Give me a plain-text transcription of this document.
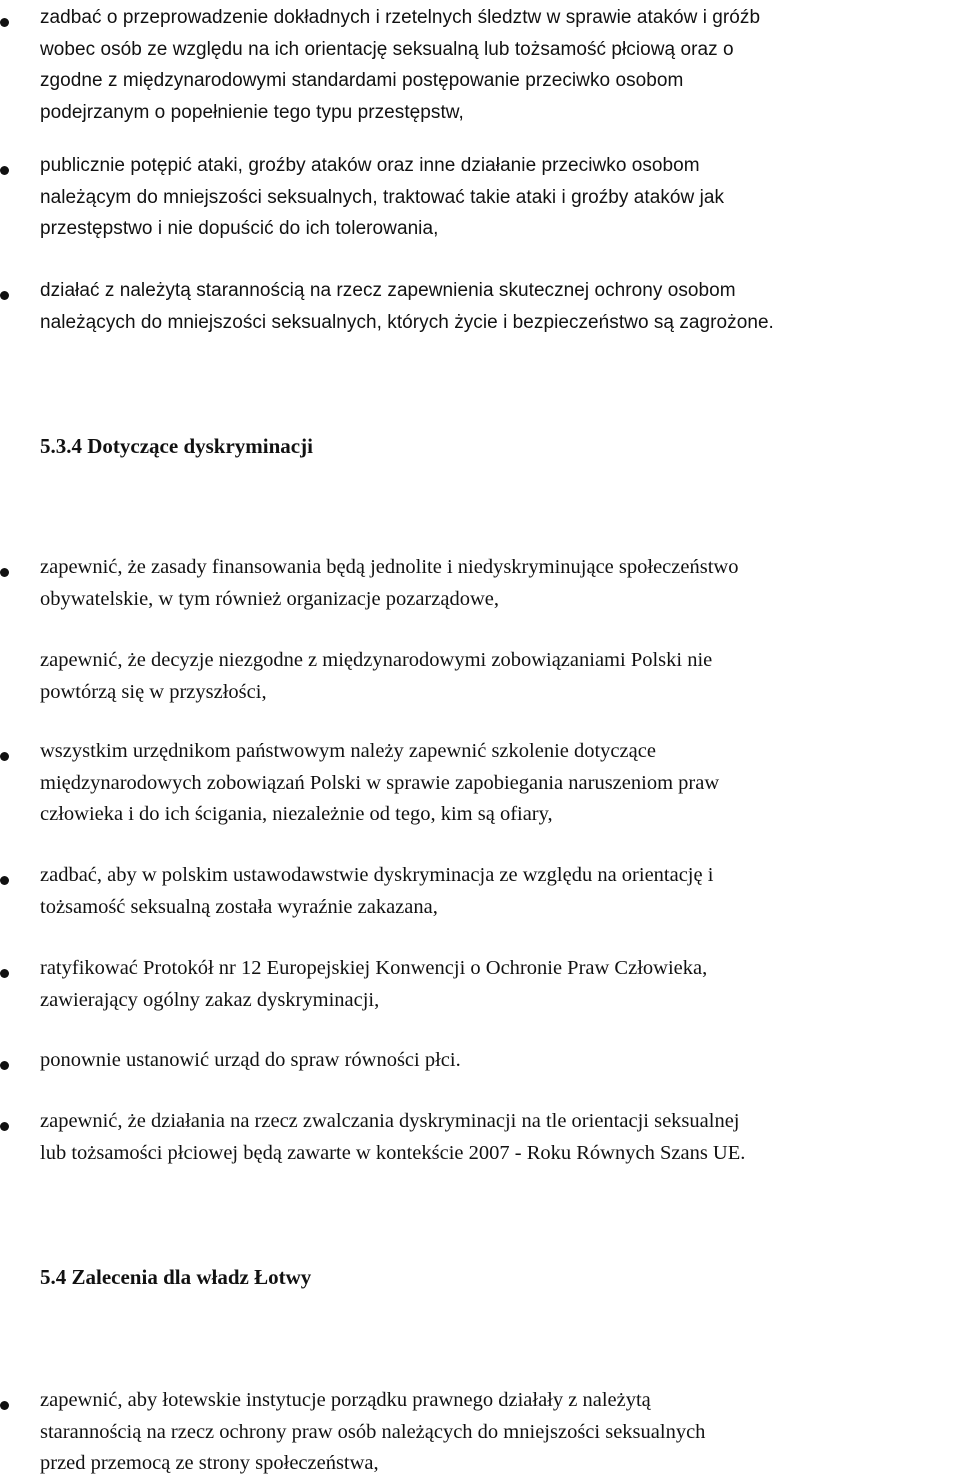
zadbać o przeprowadzenie dokładnych i rzetelnych śledztw w sprawie ataków i gróźb
wobec osób ze względu na ich orientację seksualną lub tożsamość płciową oraz o
zgodne z międzynarodowymi standardami postępowanie przeciwko osobom
podejrzanym o popełnienie tego typu przestępstw,
publicznie potępić ataki, groźby ataków oraz inne działanie przeciwko osobom
należącym do mniejszości seksualnych, traktować takie ataki i groźby ataków jak
przestępstwo i nie dopuścić do ich tolerowania,
działać z należytą starannością na rzecz zapewnienia skutecznej ochrony osobom
należących do mniejszości seksualnych, których życie i bezpieczeństwo są zagrożone.
5.3.4 Dotyczące dyskryminacji
zapewnić, że zasady finansowania będą jednolite i niedyskryminujące społeczeństwo
obywatelskie, w tym również organizacje pozarządowe,
zapewnić, że decyzje niezgodne z międzynarodowymi zobowiązaniami Polski nie
powtórzą się w przyszłości,
wszystkim urzędnikom państwowym należy zapewnić szkolenie dotyczące
międzynarodowych zobowiązań Polski w sprawie zapobiegania naruszeniom praw
człowieka i do ich ścigania, niezależnie od tego, kim są ofiary,
zadbać, aby w polskim ustawodawstwie dyskryminacja ze względu na orientację i
tożsamość seksualną została wyraźnie zakazana,
ratyfikować Protokół nr 12 Europejskiej Konwencji o Ochronie Praw Człowieka,
zawierający ogólny zakaz dyskryminacji,
ponownie ustanowić urząd do spraw równości płci.
zapewnić, że działania na rzecz zwalczania dyskryminacji na tle orientacji seksualnej
lub tożsamości płciowej będą zawarte w kontekście 2007 - Roku Równych Szans UE.
5.4 Zalecenia dla władz Łotwy
zapewnić, aby łotewskie instytucje porządku prawnego działały z należytą
starannością na rzecz ochrony praw osób należących do mniejszości seksualnych
przed przemocą ze strony społeczeństwa,
